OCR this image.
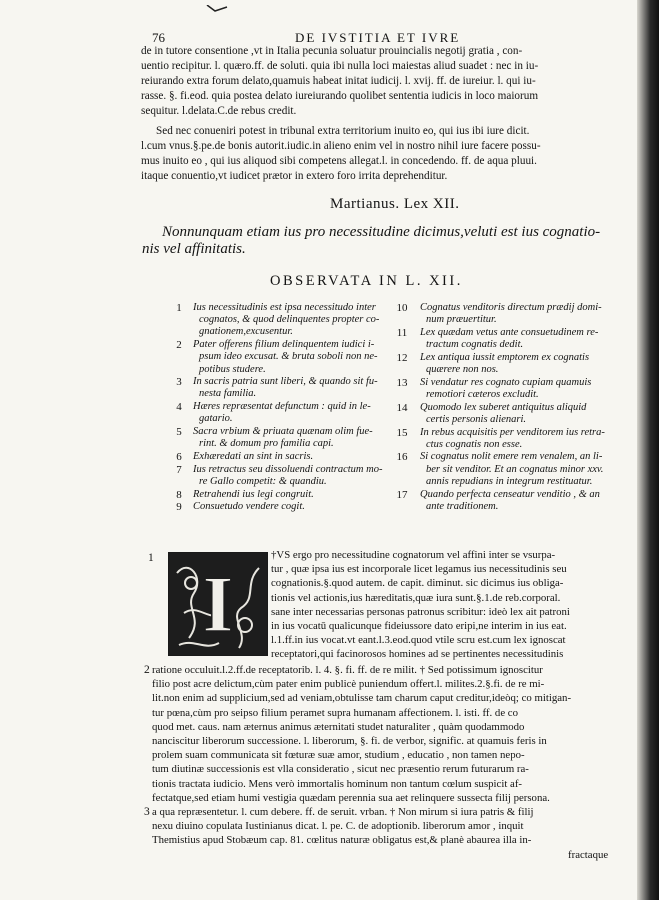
76	DE IVSTITIA ET IVRE
Martianus. Lex XII.
OBSERVATA IN L. XII.
I
de in tutore consentione ,vt in Italia pecunia soluatur prouincialis negotij gratia , con-
uentio recipitur. l. quæro.ff. de soluti. quia ibi nulla loci maiestas aliud suadet : nec in iu-
reiurando extra forum delato,quamuis habeat initat iudicij. l. xvij. ff. de iureiur. l. qui iu-
rasse. §. fi.eod. quia postea delato iureiurando quolibet sententia iudicis in loco maiorum
sequitur. l.delata.C.de rebus credit.
Sed nec conueniri potest in tribunal extra territorium inuito eo, qui ius ibi iure dicit.
l.cum vnus.§.pe.de bonis autorit.iudic.in alieno enim vel in nostro nihil iure facere possu-
mus inuito eo , qui ius aliquod sibi competens allegat.l. in concedendo. ff. de aqua pluui.
itaque conuentio,vt iudicet prætor in extero foro irrita deprehenditur.
Nonnunquam etiam ius pro necessitudine dicimus,veluti est ius cognatio-
nis vel affinitatis.
1	Ius necessitudinis est ipsa necessitudo inter
cognatos, & quod delinquentes propter co-
gnationem,excusentur.
2	Pater offerens filium delinquentem iudici i-
psum ideo excusat. & bruta soboli non ne-
potibus studere.
3	In sacris patria sunt liberi, & quando sit fu-
nesta familia.
4	Hæres repræsentat defunctum : quid in le-
gatario.
5	Sacra vrbium & priuata quænam olim fue-
rint. & domum pro familia capi.
6	Exhæredati an sint in sacris.
7	Ius retractus seu dissoluendi contractum mo-
re Gallo competit: & quandiu.
8	Retrahendi ius legi congruit.
9	Consuetudo vendere cogit.
10 Cognatus venditoris directum prædij domi-
num præuertitur.
11 Lex quædam vetus ante consuetudinem re-
tractum cognatis dedit.
12 Lex antiqua iussit emptorem ex cognatis
quærere non nos.
13 Si vendatur res cognato cupiam quamuis
remotiori cæteros excludit.
14 Quomodo lex suberet antiquitus aliquid
certis personis alienari.
15 In rebus acquisitis per venditorem ius retra-
ctus cognatis non esse.
16 Si cognatus nolit emere rem venalem, an li-
ber sit venditor. Et an cognatus minor xxv.
annis repudians in integrum restituatur.
17 Quando perfecta censeatur venditio , & an
ante traditionem.
1	†VS ergo pro necessitudine cognatorum vel affini inter se vsurpa-
tur , quæ ipsa ius est incorporale licet legamus ius necessitudinis seu
cognationis.§.quod autem. de capit. diminut. sic dicimus ius obliga-
tionis vel actionis,ius hæreditatis,quæ iura sunt.§.1.de reb.corporal.
sane inter necessarias personas patronus scribitur: ideò lex ait patroni
in ius vocatū qualicunque fideiussore dato eripi,ne interim in ius eat.
l.1.ff.in ius vocat.vt eant.l.3.eod.quod vtile scru est.cum lex ignoscat
receptatori,qui facinorosos homines ad se pertinentes necessitudinis
2 ratione occuluit.l.2.ff.de receptatorib. l. 4. §. fi. ff. de re milit. † Sed potissimum ignoscitur
filio post acre delictum,cùm pater enim publicè puniendum offert.l. milites.2.§.fi. de re mi-
lit.non enim ad supplicium,sed ad veniam,obtulisse tam charum caput creditur,ideòq; co mitigan-
tur pœna,cùm pro seipso filium peramet supra humanam affectionem. l. isti. ff. de co
quod met. caus. nam æternus animus æternitati studet naturaliter , quàm quodammodo
nanciscitur liberorum successione. l. liberorum, §. fi. de verbor, signific. at quamuis feris in
prolem suam communicata sit fœturæ suæ amor, studium , educatio , non tamen nepo-
tum diutinæ successionis est vlla consideratio , sicut nec præsentio rerum futurarum ra-
tionis tractata iudicio. Mens verò immortalis hominum non tantum cœlum suspicit af-
fectatque,sed etiam humi vestigia quædam perennia sua aet relinquere sussecta filij persona.
3 a qua repræsentetur. l. cum debere. ff. de seruit. vrban. † Non mirum si iura patris & filij
nexu diuino copulata Iustinianus dicat. l. pe. C. de adoptionib. liberorum amor , inquit
Themistius apud Stobæum cap. 81. cœlitus naturæ obligatus est,& planè abaurea illa in-
fractaque
